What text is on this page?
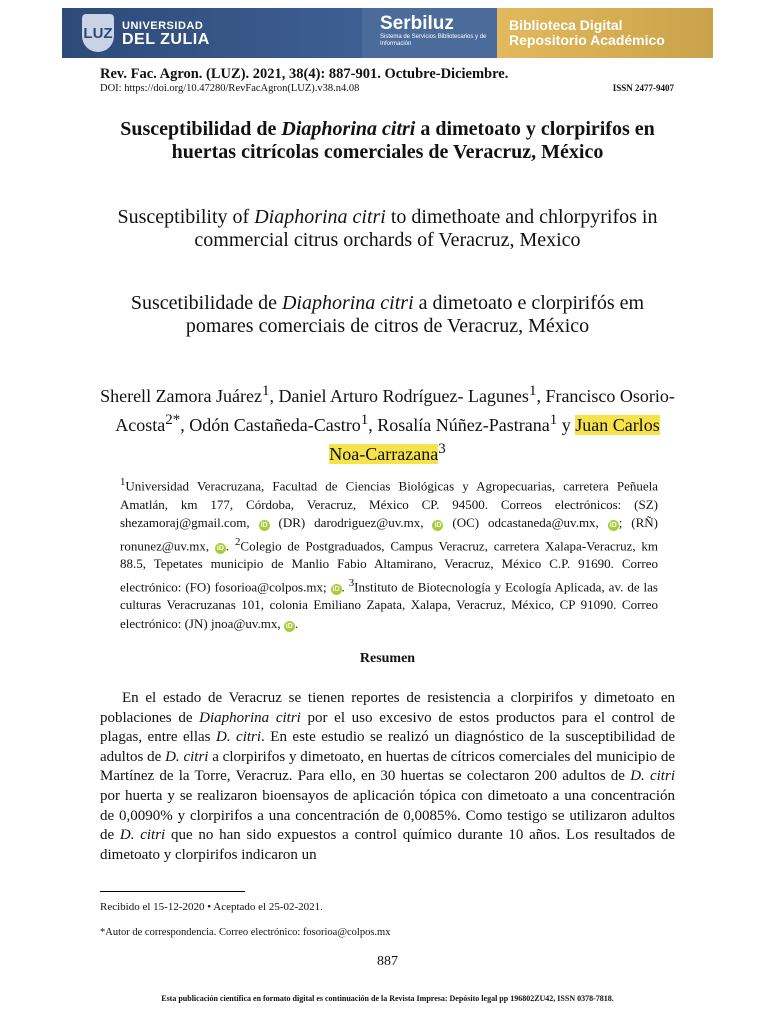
LUZ UNIVERSIDAD
DEL ZULIA
Serbiluz
Sistema de Servicios Bibliotecarios y de Información
Biblioteca Digital
Repositorio Académico
Rev. Fac. Agron. (LUZ). 2021, 38(4): 887-901. Octubre-Diciembre.
DOI: https://doi.org/10.47280/RevFacAgron(LUZ).v38.n4.08	ISSN 2477-9407
Susceptibilidad de Diaphorina citri a dimetoato y clorpirifos en huertas citrícolas comerciales de Veracruz, México
Susceptibility of Diaphorina citri to dimethoate and chlorpyrifos in commercial citrus orchards of Veracruz, Mexico
Suscetibilidade de Diaphorina citri a dimetoato e clorpirifós em pomares comerciais de citros de Veracruz, México
Sherell Zamora Juárez$^1$, Daniel Arturo Rodríguez- Lagunes$^1$, Francisco Osorio-Acosta$^{2*}$, Odón Castañeda-Castro$^1$, Rosalía Núñez-Pastrana$^1$ y Juan Carlos Noa-Carrazana$^3$
$^1$Universidad Veracruzana, Facultad de Ciencias Biológicas y Agropecuarias, carretera Peñuela Amatlán, km 177, Córdoba, Veracruz, México CP. 94500. Correos electrónicos: (SZ) shezamoraj@gmail.com, iD (DR) darodriguez@uv.mx, iD (OC) odcastaneda@uv.mx, iD ; (RÑ) ronunez@uv.mx, iD . $^2$Colegio de Postgraduados, Campus Veracruz, carretera Xalapa-Veracruz, km 88.5, Tepetates municipio de Manlio Fabio Altamirano, Veracruz, México C.P. 91690. Correo electrónico: (FO) fosorioa@colpos.mx; iD . $^3$Instituto de Biotecnología y Ecología Aplicada, av. de las culturas Veracruzanas 101, colonia Emiliano Zapata, Xalapa, Veracruz, México, CP 91090. Correo electrónico: (JN) jnoa@uv.mx, iD .
Resumen
En el estado de Veracruz se tienen reportes de resistencia a clorpirifos y dimetoato en poblaciones de Diaphorina citri por el uso excesivo de estos productos para el control de plagas, entre ellas D. citri. En este estudio se realizó un diagnóstico de la susceptibilidad de adultos de D. citri a clorpirifos y dimetoato, en huertas de cítricos comerciales del municipio de Martínez de la Torre, Veracruz. Para ello, en 30 huertas se colectaron 200 adultos de D. citri por huerta y se realizaron bioensayos de aplicación tópica con dimetoato a una concentración de 0,0090% y clorpirifos a una concentración de 0,0085%. Como testigo se utilizaron adultos de D. citri que no han sido expuestos a control químico durante 10 años. Los resultados de dimetoato y clorpirifos indicaron un
Recibido el 15-12-2020 • Aceptado el 25-02-2021.
*Autor de correspondencia. Correo electrónico: fosorioa@colpos.mx
887
Esta publicación científica en formato digital es continuación de la Revista Impresa: Depósito legal pp 196802ZU42, ISSN 0378-7818.
